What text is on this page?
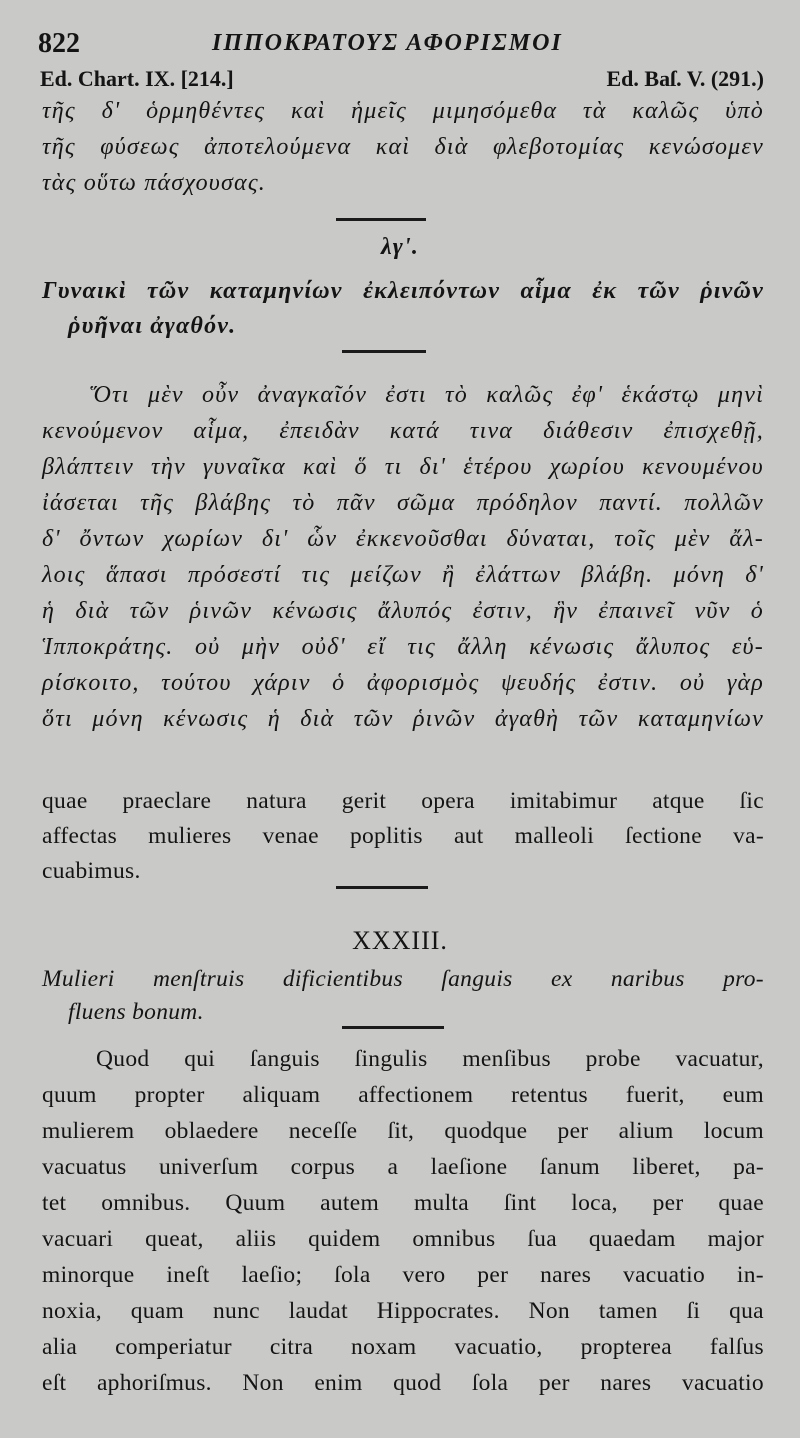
822	ΙΠΠΟΚΡΑΤΟΥΣ ΑΦΟΡΙΣΜΟΙ
Ed. Chart. IX. [214.]	Ed. Baſ. V. (291.)
τῆς δ' ὁρμηθέντες καὶ ἡμεῖς μιμησόμεθα τὰ καλῶς ὑπὸ
τῆς φύσεως ἀποτελούμενα καὶ διὰ φλεβοτομίας κενώσομεν
τὰς οὕτω πάσχουσας.
λγ'.
Γυναικὶ τῶν καταμηνίων ἐκλειπόντων αἷμα ἐκ τῶν ῥινῶν
ῥυῆναι ἀγαθόν.
Ὅτι μὲν οὖν ἀναγκαῖόν ἐστι τὸ καλῶς ἐφ' ἑκάστῳ μηνὶ
κενούμενον αἷμα, ἐπειδὰν κατά τινα διάθεσιν ἐπισχεθῇ,
βλάπτειν τὴν γυναῖκα καὶ ὅ τι δι' ἑτέρου χωρίου κενουμένου
ἰάσεται τῆς βλάβης τὸ πᾶν σῶμα πρόδηλον παντί. πολλῶν
δ' ὄντων χωρίων δι' ὧν ἐκκενοῦσθαι δύναται, τοῖς μὲν ἄλ-
λοις ἅπασι πρόσεστί τις μείζων ἢ ἐλάττων βλάβη. μόνη δ'
ἡ διὰ τῶν ῥινῶν κένωσις ἄλυπός ἐστιν, ἣν ἐπαινεῖ νῦν ὁ
Ἱπποκράτης. οὐ μὴν οὐδ' εἴ τις ἄλλη κένωσις ἄλυπος εὑ-
ρίσκοιτο, τούτου χάριν ὁ ἀφορισμὸς ψευδής ἐστιν. οὐ γὰρ
ὅτι μόνη κένωσις ἡ διὰ τῶν ῥινῶν ἀγαθὴ τῶν καταμηνίων
quae praeclare natura gerit opera imitabimur atque ſic
affectas mulieres venae poplitis aut malleoli ſectione va-
cuabimus.
XXXIII.
Mulieri menſtruis dificientibus ſanguis ex naribus pro-
fluens bonum.
Quod qui ſanguis ſingulis menſibus probe vacuatur,
quum propter aliquam affectionem retentus fuerit, eum
mulierem oblaedere neceſſe ſit, quodque per alium locum
vacuatus univerſum corpus a laeſione ſanum liberet, pa-
tet omnibus. Quum autem multa ſint loca, per quae
vacuari queat, aliis quidem omnibus ſua quaedam major
minorque ineſt laeſio; ſola vero per nares vacuatio in-
noxia, quam nunc laudat Hippocrates. Non tamen ſi qua
alia comperiatur citra noxam vacuatio, propterea falſus
eſt aphoriſmus. Non enim quod ſola per nares vacuatio
